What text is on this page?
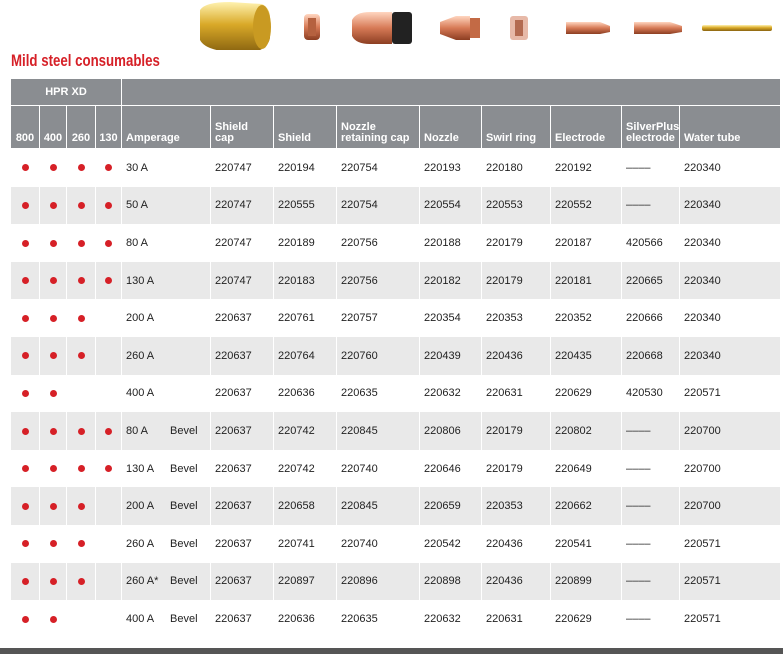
Mild steel consumables
HPR XD												
800	400	260	130	Amperage	Shield cap	Shield	Nozzle retaining cap	Nozzle	Swirl ring	Electrode	SilverPlus electrode	Water tube
				30 A	220747	220194	220754	220193	220180	220192	––––	220340
				50 A	220747	220555	220754	220554	220553	220552	––––	220340
				80 A	220747	220189	220756	220188	220179	220187	420566	220340
				130 A	220747	220183	220756	220182	220179	220181	220665	220340
				200 A	220637	220761	220757	220354	220353	220352	220666	220340
				260 A	220637	220764	220760	220439	220436	220435	220668	220340
				400 A	220637	220636	220635	220632	220631	220629	420530	220571
				80 A Bevel	220637	220742	220845	220806	220179	220802	––––	220700
				130 A Bevel	220637	220742	220740	220646	220179	220649	––––	220700
				200 A Bevel	220637	220658	220845	220659	220353	220662	––––	220700
				260 A Bevel	220637	220741	220740	220542	220436	220541	––––	220571
				260 A* Bevel	220637	220897	220896	220898	220436	220899	––––	220571
				400 A Bevel	220637	220636	220635	220632	220631	220629	––––	220571
